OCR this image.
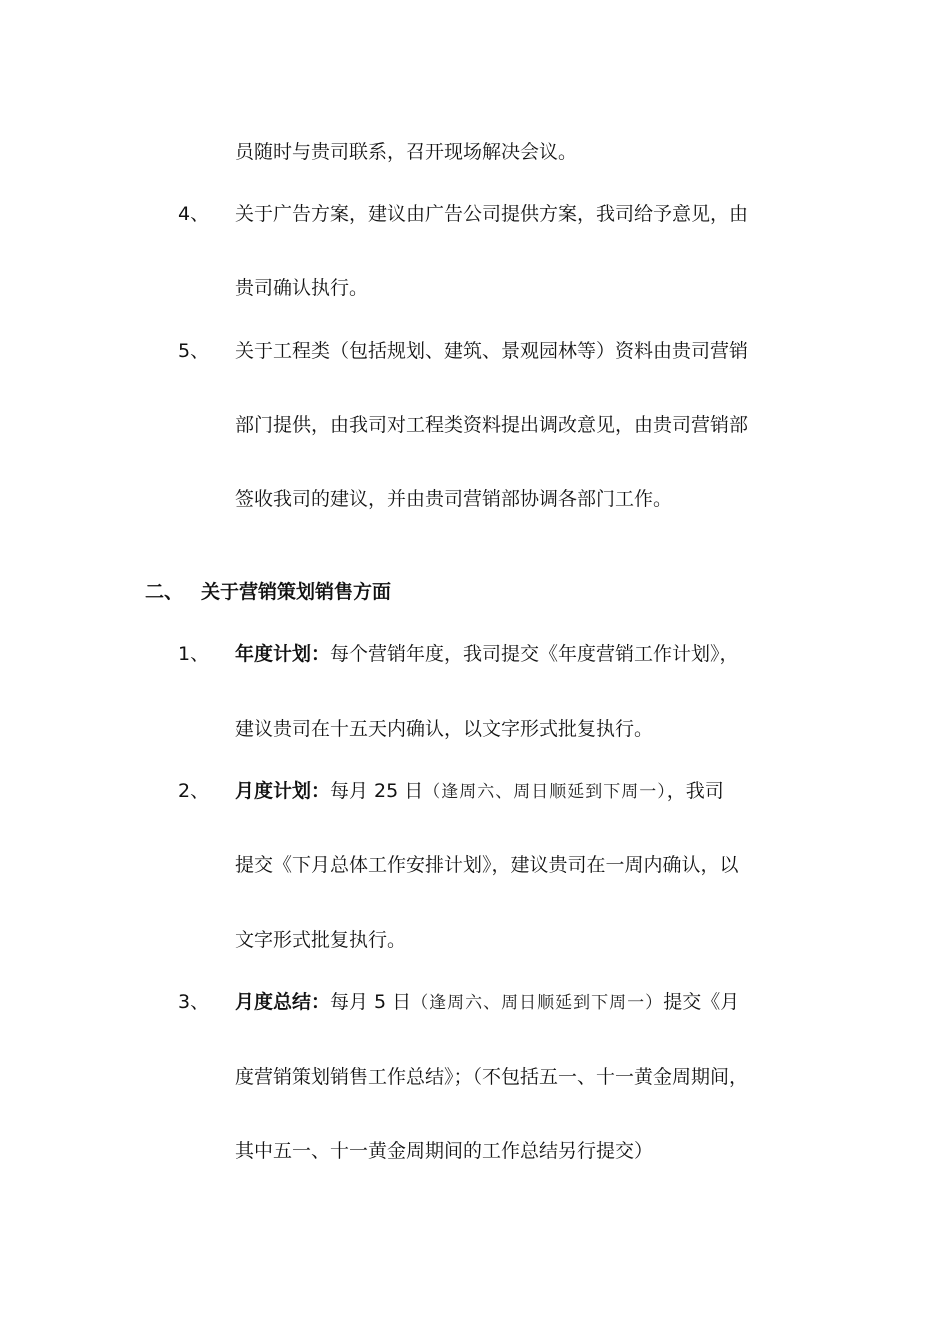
员随时与贵司联系，召开现场解决会议。
4、 关于广告方案，建议由广告公司提供方案，我司给予意见，由
贵司确认执行。
5、 关于工程类（包括规划、建筑、景观园林等）资料由贵司营销
部门提供，由我司对工程类资料提出调改意见，由贵司营销部
签收我司的建议，并由贵司营销部协调各部门工作。
二、 关于营销策划销售方面
1、 年度计划：每个营销年度，我司提交《年度营销工作计划》，
建议贵司在十五天内确认，以文字形式批复执行。
2、 月度计划：每月 25 日（逢周六、周日顺延到下周一），我司
提交《下月总体工作安排计划》，建议贵司在一周内确认，以
文字形式批复执行。
3、 月度总结：每月 5 日（逢周六、周日顺延到下周一）提交《月
度营销策划销售工作总结》；（不包括五一、十一黄金周期间，
其中五一、十一黄金周期间的工作总结另行提交）
